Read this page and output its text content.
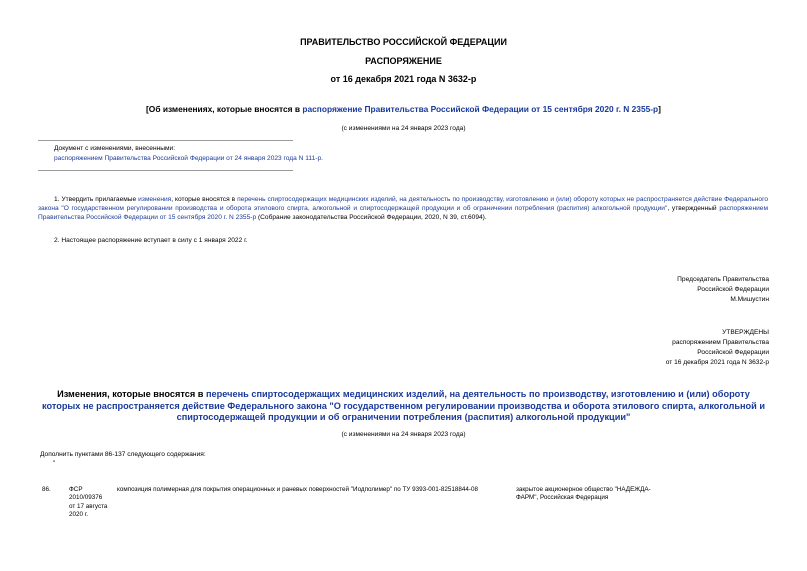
ПРАВИТЕЛЬСТВО РОССИЙСКОЙ ФЕДЕРАЦИИ
РАСПОРЯЖЕНИЕ
от 16 декабря 2021 года N 3632-р
[Об изменениях, которые вносятся в распоряжение Правительства Российской Федерации от 15 сентября 2020 г. N 2355-р]
(с изменениями на 24 января 2023 года)
Документ с изменениями, внесенными:
распоряжением Правительства Российской Федерации от 24 января 2023 года N 111-р.
1. Утвердить прилагаемые изменения, которые вносятся в перечень спиртосодержащих медицинских изделий, на деятельность по производству, изготовлению и (или) обороту которых не распространяется действие Федерального закона "О государственном регулировании производства и оборота этилового спирта, алкогольной и спиртосодержащей продукции и об ограничении потребления (распития) алкогольной продукции", утвержденный распоряжением Правительства Российской Федерации от 15 сентября 2020 г. N 2355-р (Собрание законодательства Российской Федерации, 2020, N 39, ст.6094).
2. Настоящее распоряжение вступает в силу с 1 января 2022 г.
Председатель Правительства
Российской Федерации
М.Мишустин
УТВЕРЖДЕНЫ
распоряжением Правительства
Российской Федерации
от 16 декабря 2021 года N 3632-р
Изменения, которые вносятся в перечень спиртосодержащих медицинских изделий, на деятельность по производству, изготовлению и (или) обороту которых не распространяется действие Федерального закона "О государственном регулировании производства и оборота этилового спирта, алкогольной и спиртосодержащей продукции и об ограничении потребления (распития) алкогольной продукции"
(с изменениями на 24 января 2023 года)
Дополнить пунктами 86-137 следующего содержания:
"
86.	ФСР 2010/09376 от 17 августа 2020 г.
композиция полимерная для покрытия операционных и раневых поверхностей "Иодполимер" по ТУ 9393-001-82518844-08	закрытое акционерное общество "НАДЕЖДА-ФАРМ", Российская Федерация
